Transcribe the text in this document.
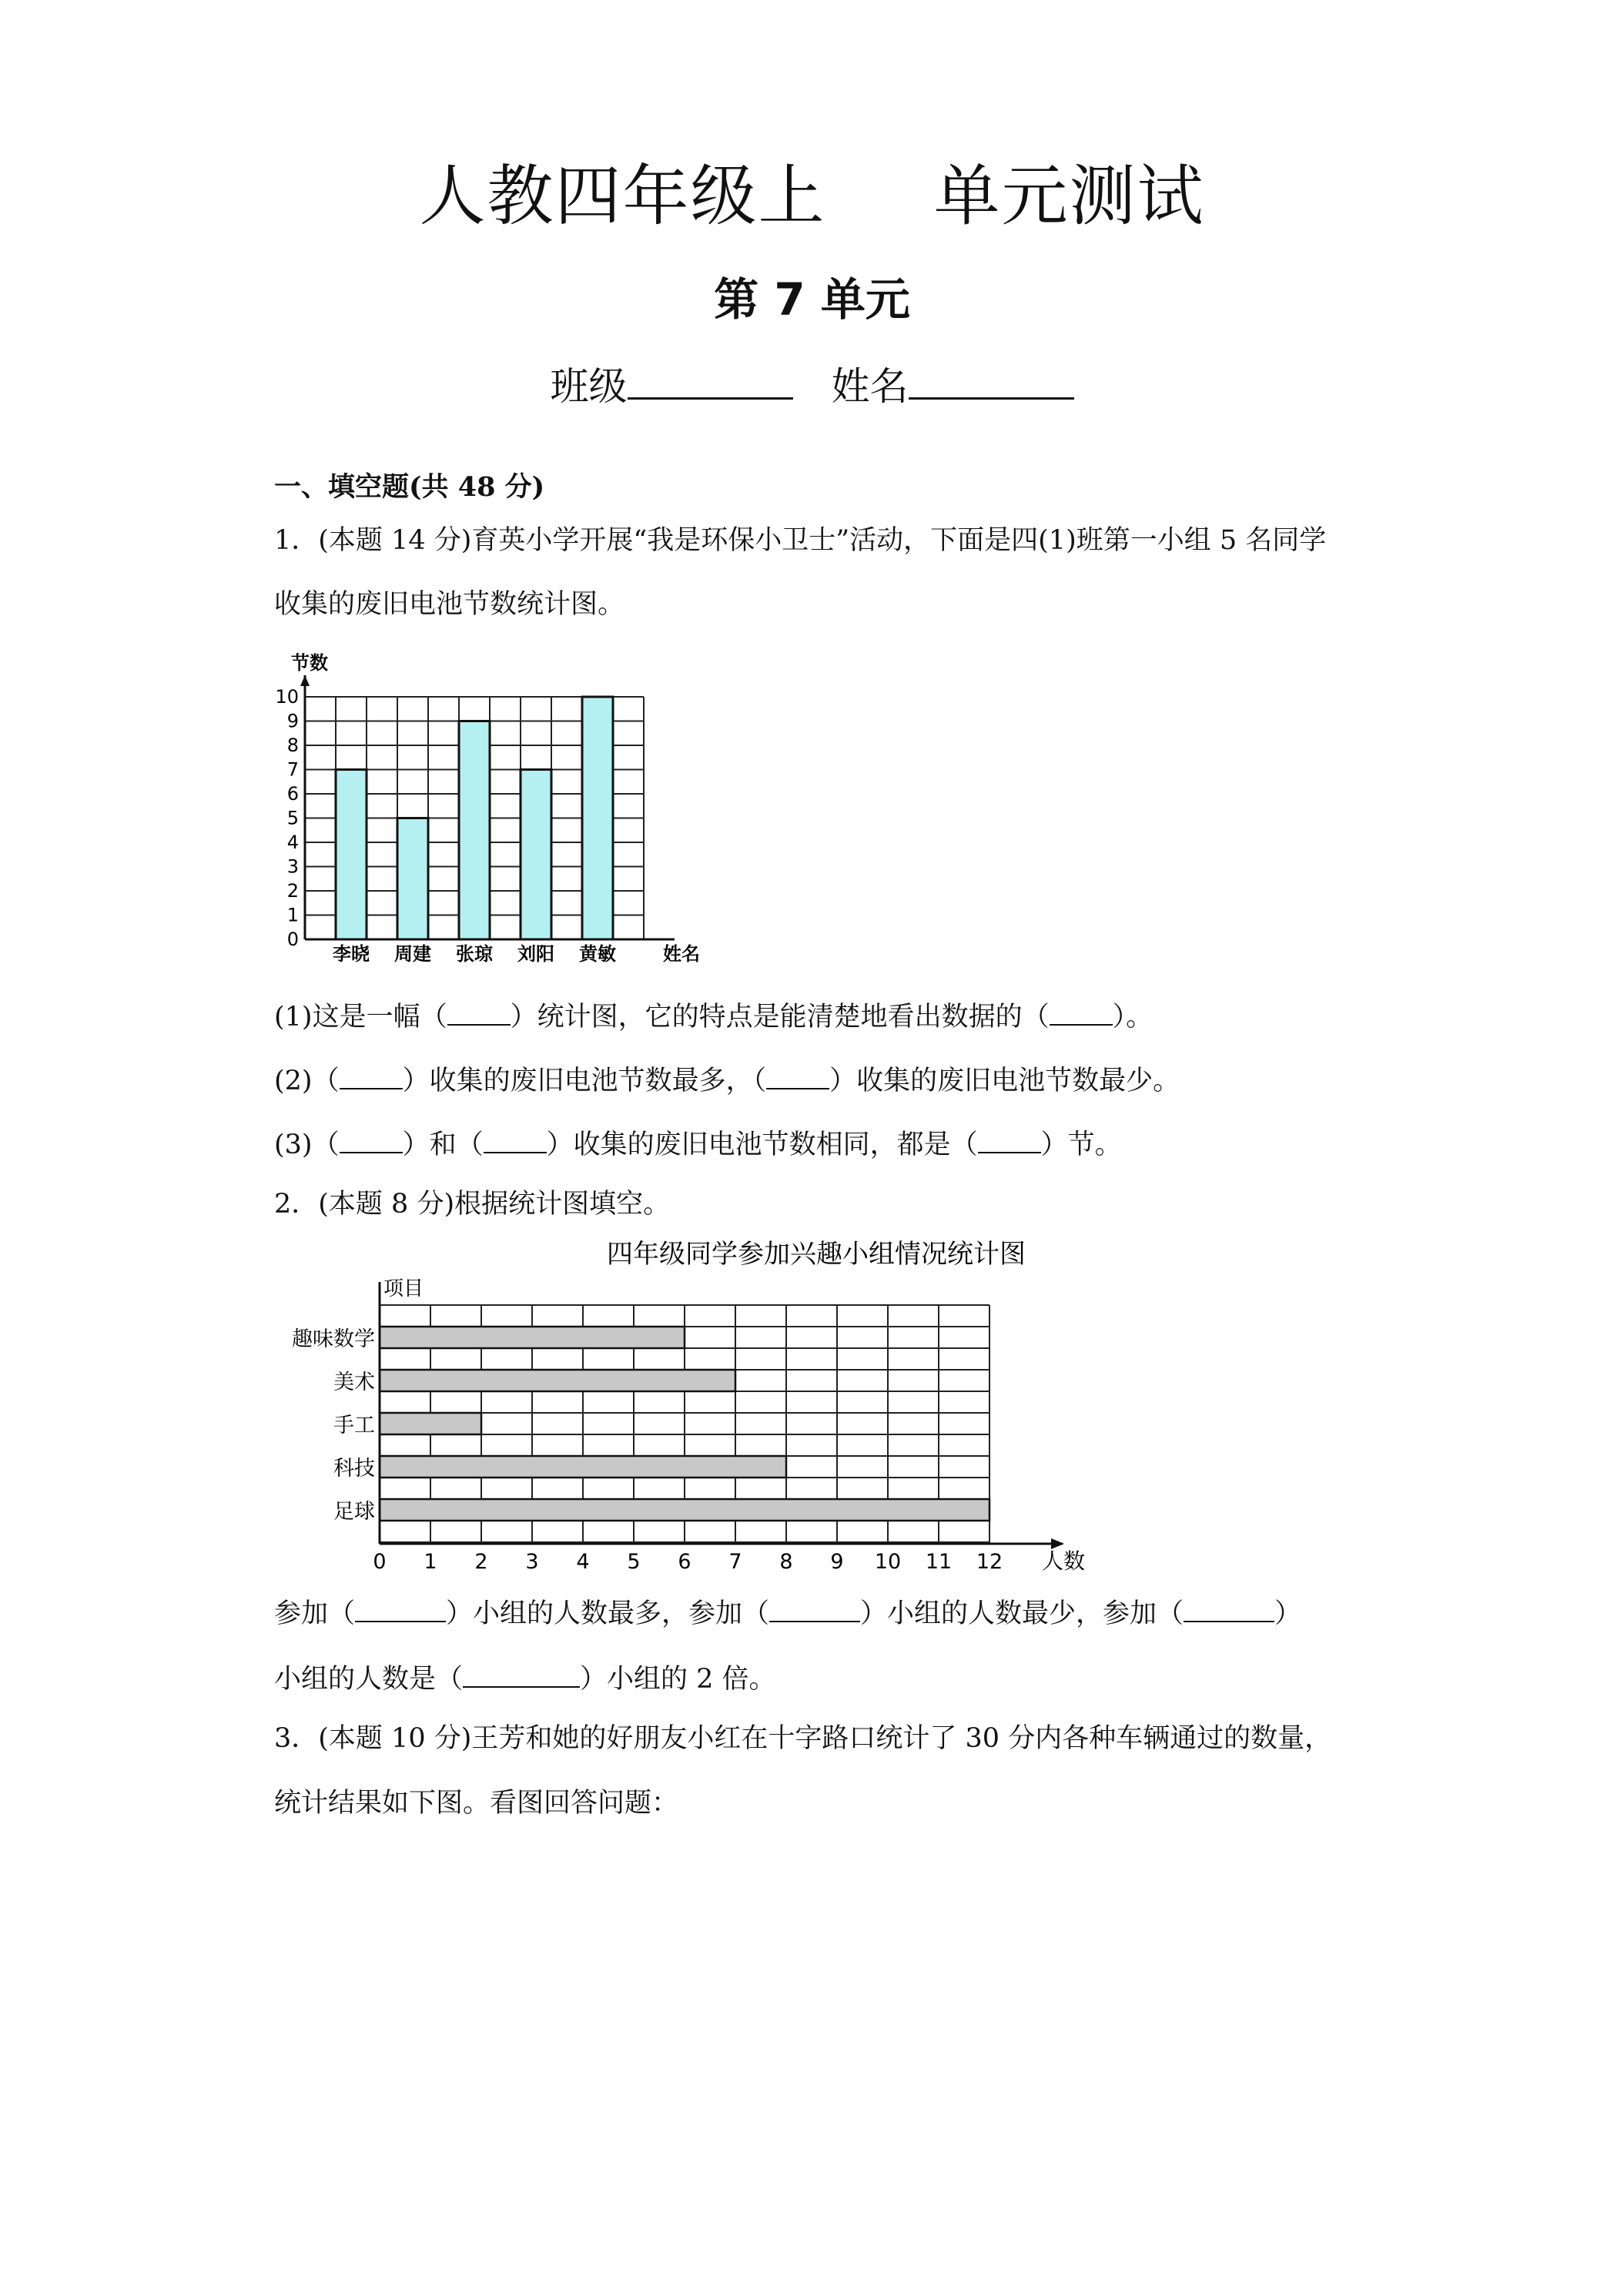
人教四年级上 单元测试
第 7 单元
班级	姓名
一、填空题(共 48 分)
1．(本题 14 分)育英小学开展“我是环保小卫士”活动，下面是四(1)班第一小组 5 名同学
收集的废旧电池节数统计图。
0
1
2
3
4
5
6
7
8
9
10
李晓 周建 张琼 刘阳 黄敏
节数
姓名
(1)这是一幅（ ）统计图，它的特点是能清楚地看出数据的（ ）。
(2)（ ）收集的废旧电池节数最多，（ ）收集的废旧电池节数最少。
(3)（ ）和（ ）收集的废旧电池节数相同，都是（ ）节。
2．(本题 8 分)根据统计图填空。
四年级同学参加兴趣小组情况统计图
项目
趣味数学
美术
手工
科技
足球
0 1 2 3 4 5 6 7 8 9 10 11 12 人数
参加（	）小组的人数最多，参加（	）小组的人数最少，参加（	）
小组的人数是（	）小组的 2 倍。
3．(本题 10 分)王芳和她的好朋友小红在十字路口统计了 30 分内各种车辆通过的数量，
统计结果如下图。看图回答问题：
